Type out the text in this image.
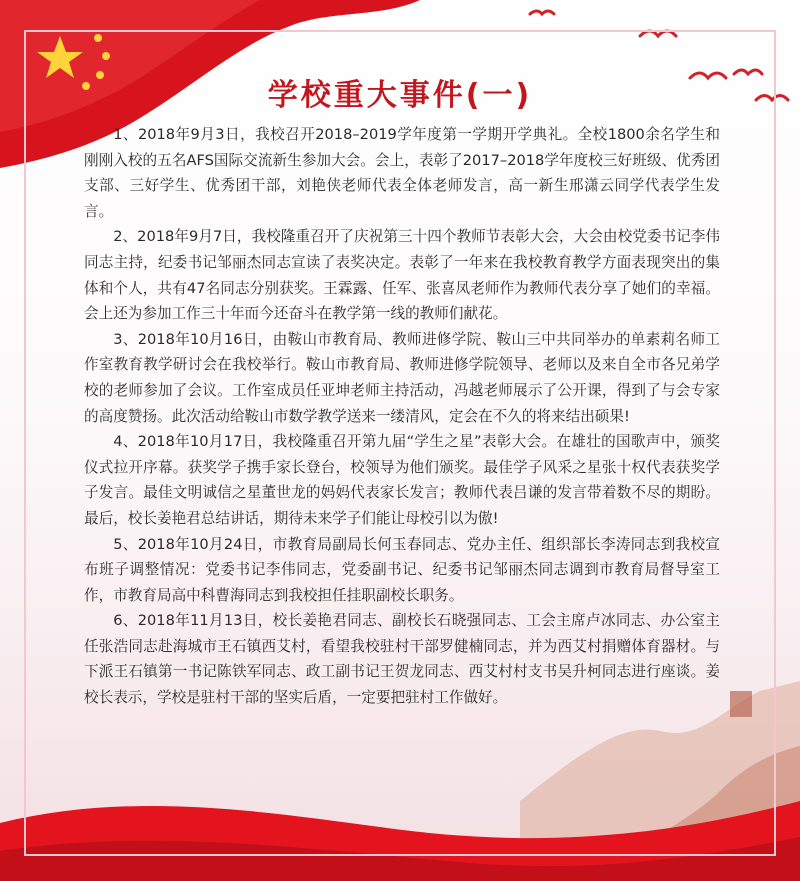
学校重大事件(一)

1、2018年9月3日，我校召开2018–2019学年度第一学期开学典礼。全校1800余名学生和刚刚入校的五名AFS国际交流新生参加大会。会上，表彰了2017–2018学年度校三好班级、优秀团支部、三好学生、优秀团干部，刘艳侠老师代表全体老师发言，高一新生邢潇云同学代表学生发言。

2、2018年9月7日，我校隆重召开了庆祝第三十四个教师节表彰大会，大会由校党委书记李伟同志主持，纪委书记邹丽杰同志宣读了表奖决定。表彰了一年来在我校教育教学方面表现突出的集体和个人，共有47名同志分别获奖。王霖露、任军、张喜凤老师作为教师代表分享了她们的幸福。会上还为参加工作三十年而今还奋斗在教学第一线的教师们献花。

3、2018年10月16日，由鞍山市教育局、教师进修学院、鞍山三中共同举办的单素莉名师工作室教育教学研讨会在我校举行。鞍山市教育局、教师进修学院领导、老师以及来自全市各兄弟学校的老师参加了会议。工作室成员任亚坤老师主持活动，冯越老师展示了公开课，得到了与会专家的高度赞扬。此次活动给鞍山市数学教学送来一缕清风，定会在不久的将来结出硕果!

4、2018年10月17日，我校隆重召开第九届“学生之星”表彰大会。在雄壮的国歌声中，颁奖仪式拉开序幕。获奖学子携手家长登台，校领导为他们颁奖。最佳学子风采之星张十权代表获奖学子发言。最佳文明诚信之星董世龙的妈妈代表家长发言；教师代表吕谦的发言带着数不尽的期盼。最后，校长姜艳君总结讲话，期待未来学子们能让母校引以为傲!

5、2018年10月24日，市教育局副局长何玉春同志、党办主任、组织部长李涛同志到我校宣布班子调整情况：党委书记李伟同志，党委副书记、纪委书记邹丽杰同志调到市教育局督导室工作，市教育局高中科曹海同志到我校担任挂职副校长职务。

6、2018年11月13日，校长姜艳君同志、副校长石晓强同志、工会主席卢冰同志、办公室主任张浩同志赴海城市王石镇西艾村，看望我校驻村干部罗健楠同志，并为西艾村捐赠体育器材。与下派王石镇第一书记陈铁军同志、政工副书记王贺龙同志、西艾村村支书吴升柯同志进行座谈。姜校长表示，学校是驻村干部的坚实后盾，一定要把驻村工作做好。
